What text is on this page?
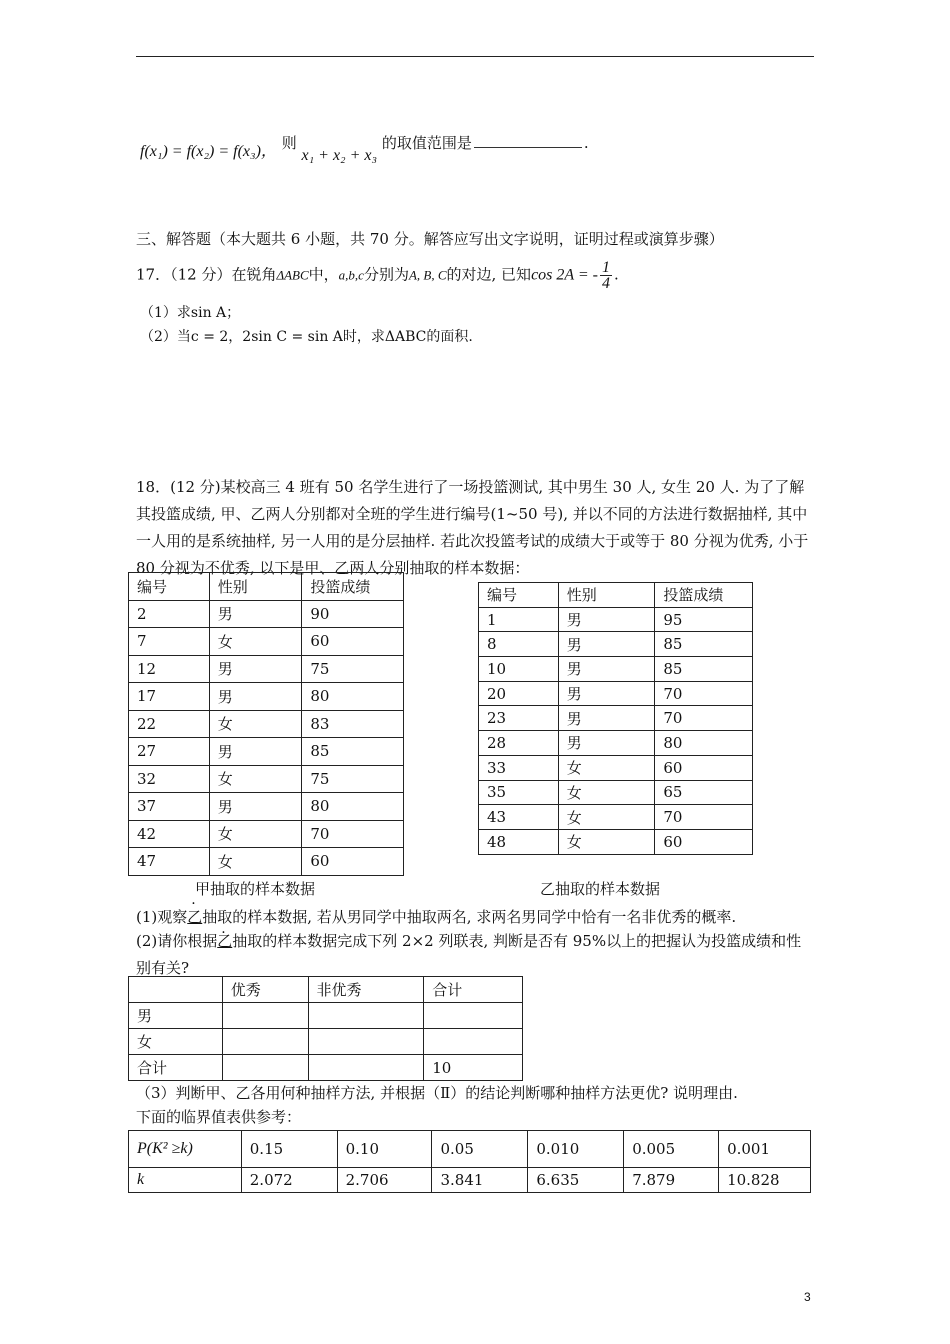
f(x₁) = f(x₂) = f(x₃)， 则 x₁ + x₂ + x₃ 的取值范围是	.
三、解答题（本大题共 6 小题，共 70 分。解答应写出文字说明，证明过程或演算步骤）
17．（12 分）在锐角ΔABC中，a,b,c分别为A, B, C的对边, 已知cos 2A = - $\frac{1}{4}$ .
（1）求sin A；
（2）当c = 2，2sin C = sin A时，求ΔABC的面积.
18．(12 分)某校高三 4 班有 50 名学生进行了一场投篮测试, 其中男生 30 人, 女生 20 人. 为了了解其投篮成绩, 甲、乙两人分别都对全班的学生进行编号(1~50 号), 并以不同的方法进行数据抽样, 其中一人用的是系统抽样, 另一人用的是分层抽样. 若此次投篮考试的成绩大于或等于 80 分视为优秀, 小于 80 分视为不优秀, 以下是甲、乙两人分别抽取的样本数据：
编号	性别	投篮成绩
2	男	90
7	女	60
12	男	75
17	男	80
22	女	83
27	男	85
32	女	75
37	男	80
42	女	70
47	女	60
甲抽取的样本数据
编号	性别	投篮成绩
1	男	95
8	男	85
10	男	85
20	男	70
23	男	70
28	男	80
33	女	60
35	女	65
43	女	70
48	女	60
乙抽取的样本数据
(1)观察乙抽取的样本数据, 若从男同学中抽取两名, 求两名男同学中恰有一名非优秀的概率.
(2)请你根据乙抽取的样本数据完成下列 2×2 列联表, 判断是否有 95%以上的把握认为投篮成绩和性别有关?
	优秀	非优秀	合计
男			
女			
合计			10
（3）判断甲、乙各用何种抽样方法, 并根据（Ⅱ）的结论判断哪种抽样方法更优? 说明理由.
下面的临界值表供参考：
P(K² ≥k)	0.15	0.10	0.05	0.010	0.005	0.001
k	2.072	2.706	3.841	6.635	7.879	10.828
3
